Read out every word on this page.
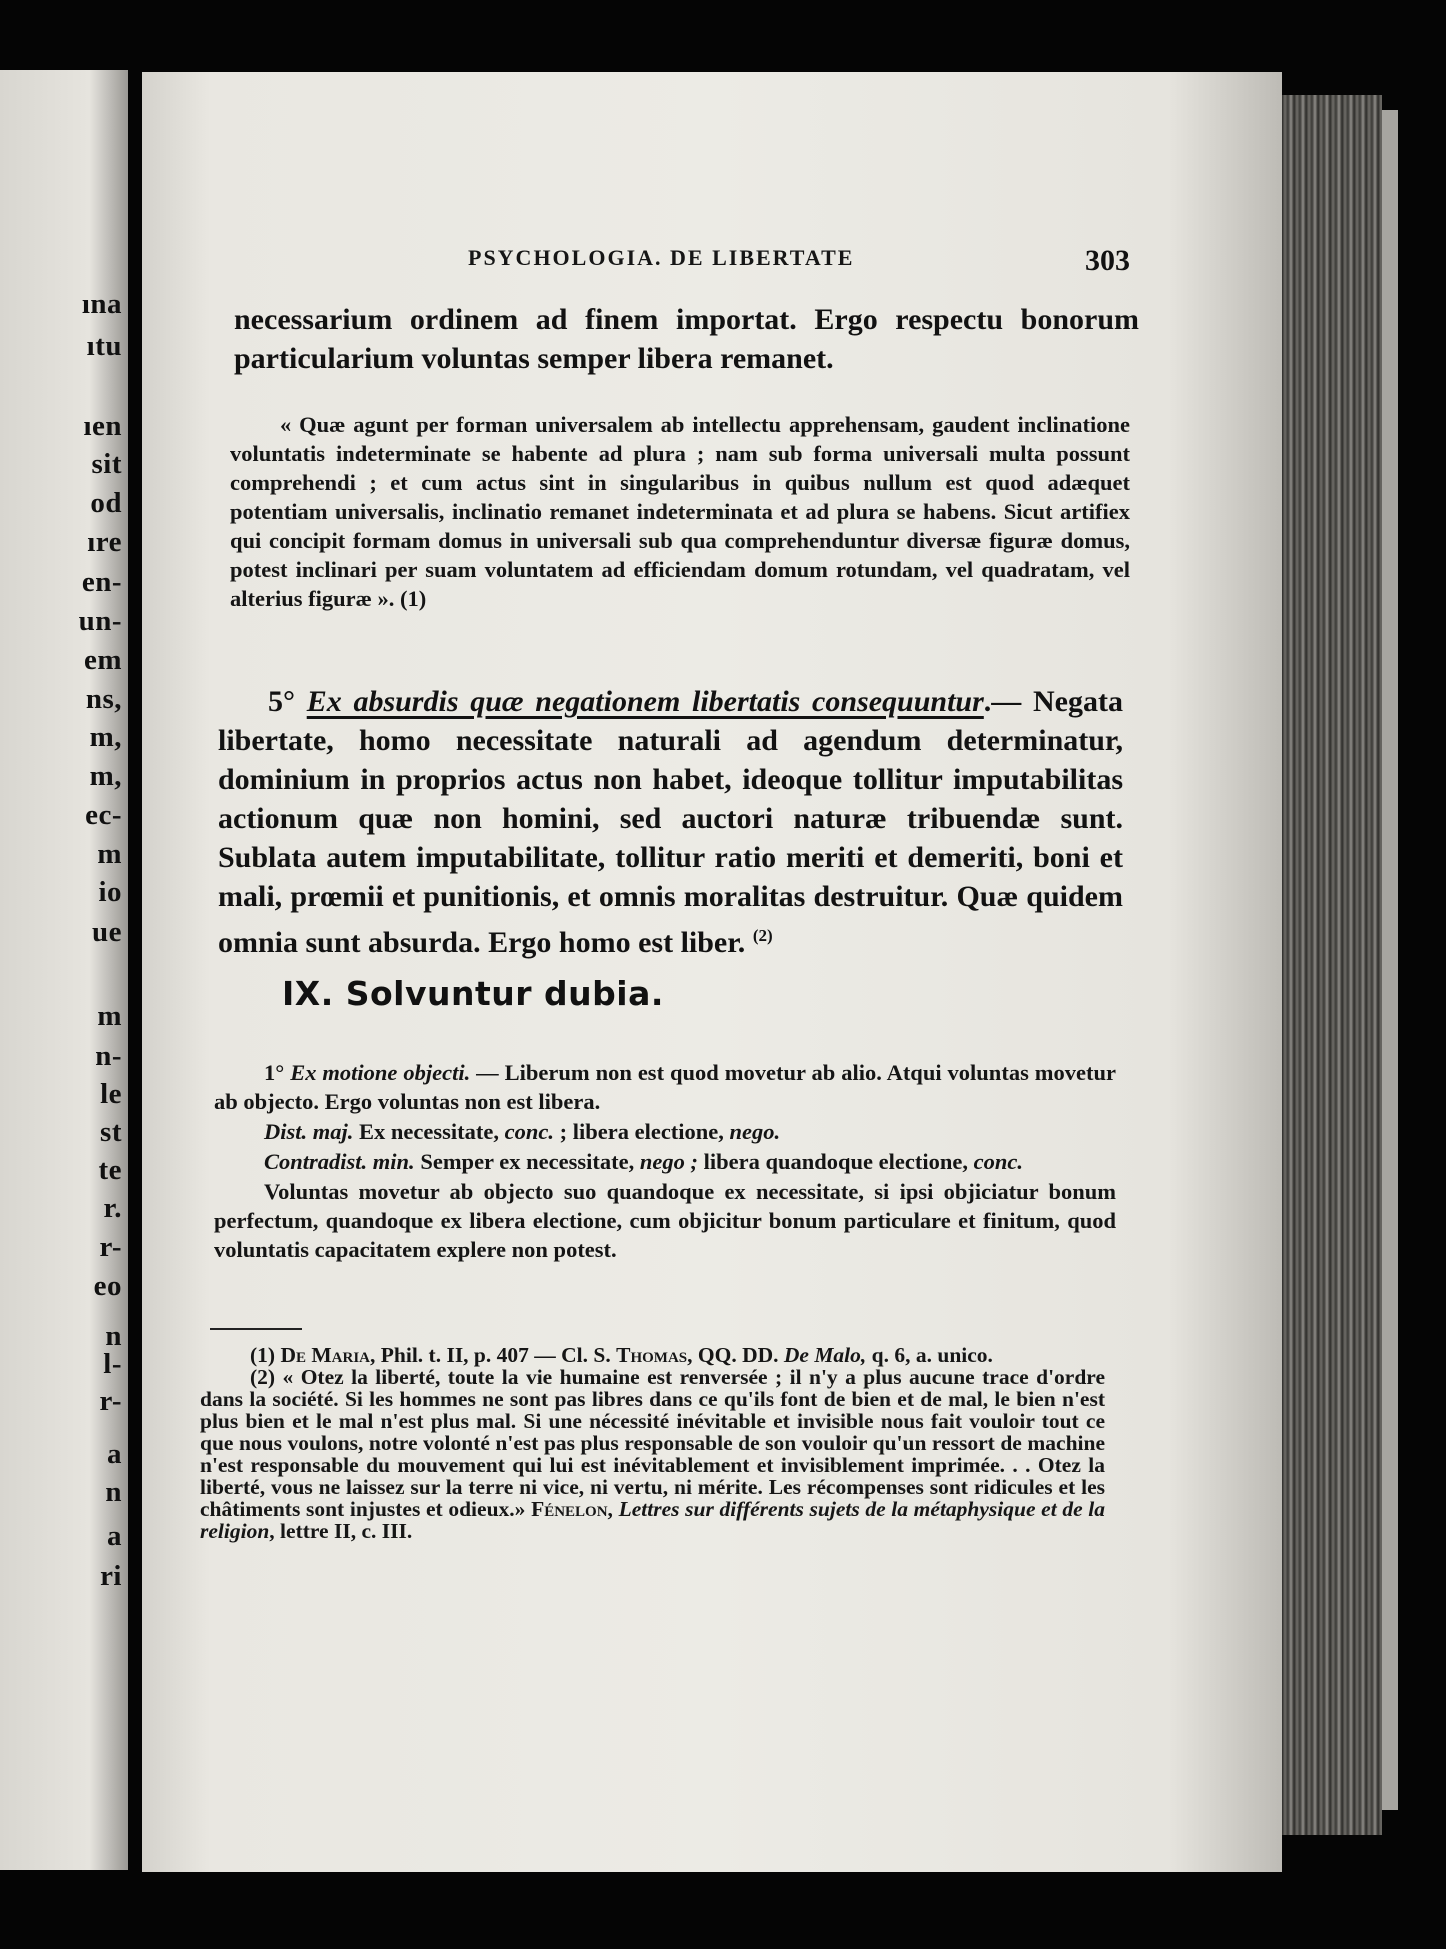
ına
ıtu
ıen
sit
od
ıre
en-
un-
em
ns,
m,
m,
ec-
m
io
ue
m
n-
le
st
te
r.
r-
eo
n
l-
r-
a
n
a
ri
PSYCHOLOGIA. DE LIBERTATE	303

necessarium ordinem ad finem importat. Ergo respectu bonorum particularium voluntas semper libera remanet.

« Quæ agunt per forman universalem ab intellectu apprehensam, gaudent inclinatione voluntatis indeterminate se habente ad plura ; nam sub forma universali multa possunt comprehendi ; et cum actus sint in singularibus in quibus nullum est quod adæquet potentiam universalis, inclinatio remanet indeterminata et ad plura se habens. Sicut artifiex qui concipit formam domus in universali sub qua comprehenduntur diversæ figuræ domus, potest inclinari per suam voluntatem ad efficiendam domum rotundam, vel quadratam, vel alterius figuræ ». (1)

5° Ex absurdis quæ negationem libertatis consequuntur.— Negata libertate, homo necessitate naturali ad agendum determinatur, dominium in proprios actus non habet, ideoque tollitur imputabilitas actionum quæ non homini, sed auctori naturæ tribuendæ sunt. Sublata autem imputabilitate, tollitur ratio meriti et demeriti, boni et mali, prœmii et punitionis, et omnis moralitas destruitur. Quæ quidem omnia sunt absurda. Ergo homo est liber. $^{(2)}$

IX. Solvuntur dubia.

1° Ex motione objecti. — Liberum non est quod movetur ab alio. Atqui voluntas movetur ab objecto. Ergo voluntas non est libera.

Dist. maj. Ex necessitate, conc. ; libera electione, nego.

Contradist. min. Semper ex necessitate, nego ; libera quandoque electione, conc.

Voluntas movetur ab objecto suo quandoque ex necessitate, si ipsi objiciatur bonum perfectum, quandoque ex libera electione, cum objicitur bonum particulare et finitum, quod voluntatis capacitatem explere non potest.

(1) De Maria, Phil. t. II, p. 407 — Cl. S. Thomas, QQ. DD. De Malo, q. 6, a. unico.

(2) « Otez la liberté, toute la vie humaine est renversée ; il n'y a plus aucune trace d'ordre dans la société. Si les hommes ne sont pas libres dans ce qu'ils font de bien et de mal, le bien n'est plus bien et le mal n'est plus mal. Si une nécessité inévitable et invisible nous fait vouloir tout ce que nous voulons, notre volonté n'est pas plus responsable de son vouloir qu'un ressort de machine n'est responsable du mouvement qui lui est inévitablement et invisiblement imprimée. . . Otez la liberté, vous ne laissez sur la terre ni vice, ni vertu, ni mérite. Les récompenses sont ridicules et les châtiments sont injustes et odieux.» Fénelon, Lettres sur différents sujets de la métaphysique et de la religion, lettre II, c. III.
